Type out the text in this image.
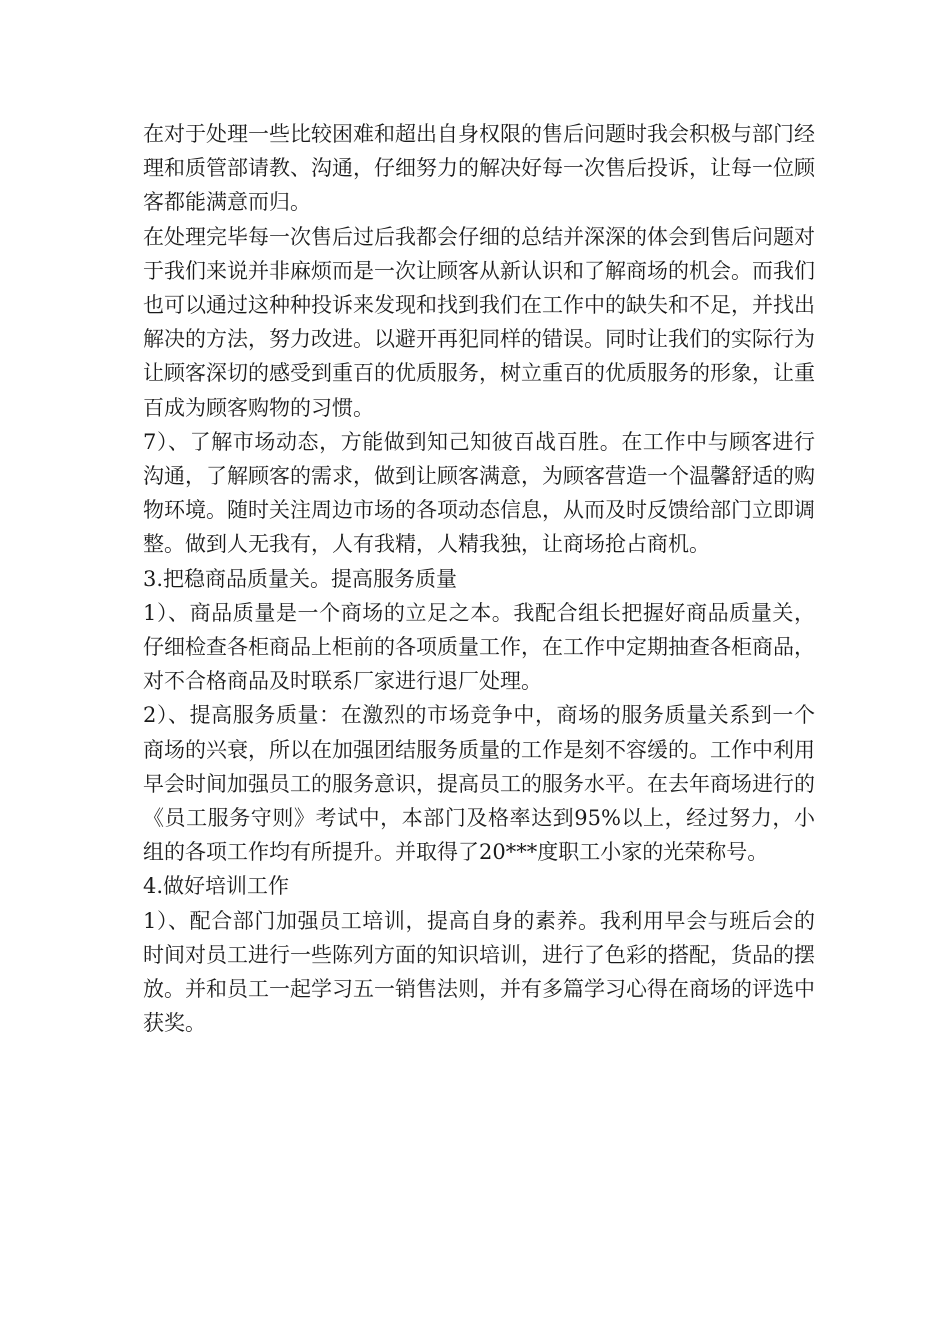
在对于处理一些比较困难和超出自身权限的售后问题时我会积极与部门经理和质管部请教、沟通，仔细努力的解决好每一次售后投诉，让每一位顾客都能满意而归。

在处理完毕每一次售后过后我都会仔细的总结并深深的体会到售后问题对于我们来说并非麻烦而是一次让顾客从新认识和了解商场的机会。而我们也可以通过这种种投诉来发现和找到我们在工作中的缺失和不足，并找出解决的方法，努力改进。以避开再犯同样的错误。同时让我们的实际行为让顾客深切的感受到重百的优质服务，树立重百的优质服务的形象，让重百成为顾客购物的习惯。

7）、了解市场动态，方能做到知己知彼百战百胜。在工作中与顾客进行沟通，了解顾客的需求，做到让顾客满意，为顾客营造一个温馨舒适的购物环境。随时关注周边市场的各项动态信息，从而及时反馈给部门立即调整。做到人无我有，人有我精，人精我独，让商场抢占商机。

3.把稳商品质量关。提高服务质量

1）、商品质量是一个商场的立足之本。我配合组长把握好商品质量关，仔细检查各柜商品上柜前的各项质量工作，在工作中定期抽查各柜商品，对不合格商品及时联系厂家进行退厂处理。

2）、提高服务质量：在激烈的市场竞争中，商场的服务质量关系到一个商场的兴衰，所以在加强团结服务质量的工作是刻不容缓的。工作中利用早会时间加强员工的服务意识，提高员工的服务水平。在去年商场进行的《员工服务守则》考试中，本部门及格率达到95%以上，经过努力，小组的各项工作均有所提升。并取得了20***度职工小家的光荣称号。

4.做好培训工作

1）、配合部门加强员工培训，提高自身的素养。我利用早会与班后会的时间对员工进行一些陈列方面的知识培训，进行了色彩的搭配，货品的摆放。并和员工一起学习五一销售法则，并有多篇学习心得在商场的评选中获奖。
